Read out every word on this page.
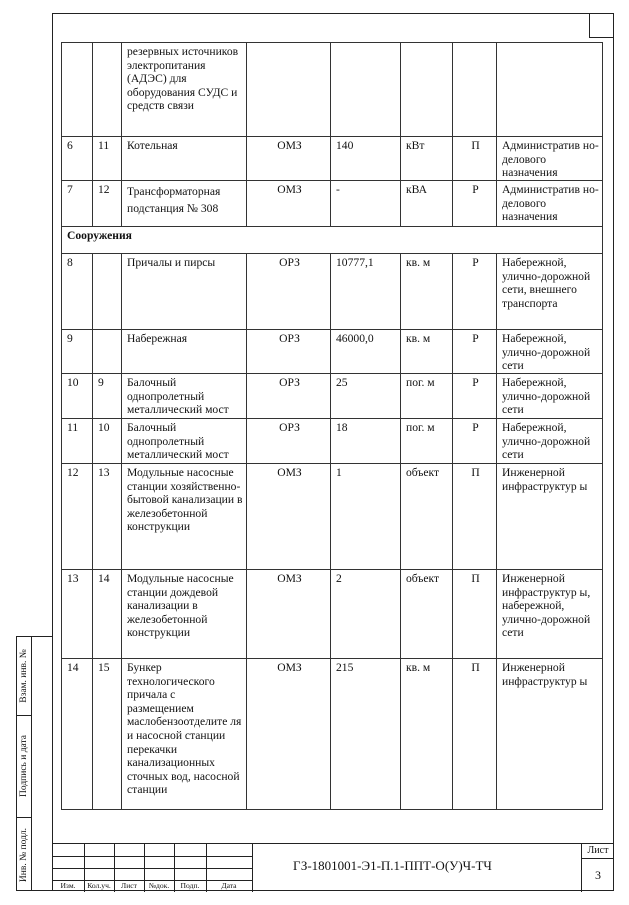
		резервных источников электропитания (АДЭС) для оборудования СУДС и средств связи					
6	11	Котельная	ОМЗ	140	кВт	П	Административ но-делового назначения
7	12	Трансформаторная подстанция № 308	ОМЗ	-	кВА	Р	Административ но-делового назначения
Сооружения							
8		Причалы и пирсы	ОРЗ	10777,1	кв. м	Р	Набережной, улично-дорожной сети, внешнего транспорта
9		Набережная	ОРЗ	46000,0	кв. м	Р	Набережной, улично-дорожной сети
10	9	Балочный однопролетный металлический мост	ОРЗ	25	пог. м	Р	Набережной, улично-дорожной сети
11	10	Балочный однопролетный металлический мост	ОРЗ	18	пог. м	Р	Набережной, улично-дорожной сети
12	13	Модульные насосные станции хозяйственно-бытовой канализации в железобетонной конструкции	ОМЗ	1	объект	П	Инженерной инфраструктур ы
13	14	Модульные насосные станции дождевой канализации в железобетонной конструкции	ОМЗ	2	объект	П	Инженерной инфраструктур ы, набережной, улично-дорожной сети
14	15	Бункер технологического причала с размещением маслобензоотделите ля и насосной станции перекачки канализационных сточных вод, насосной станции	ОМЗ	215	кв. м	П	Инженерной инфраструктур ы
Взам. инв. №
Подпись и дата
Инв. № подл.
Изм.	Кол.уч.	Лист	№док.	Подп.	Дата
ГЗ-1801001-Э1-П.1-ППТ-О(У)Ч-ТЧ
Лист
3
